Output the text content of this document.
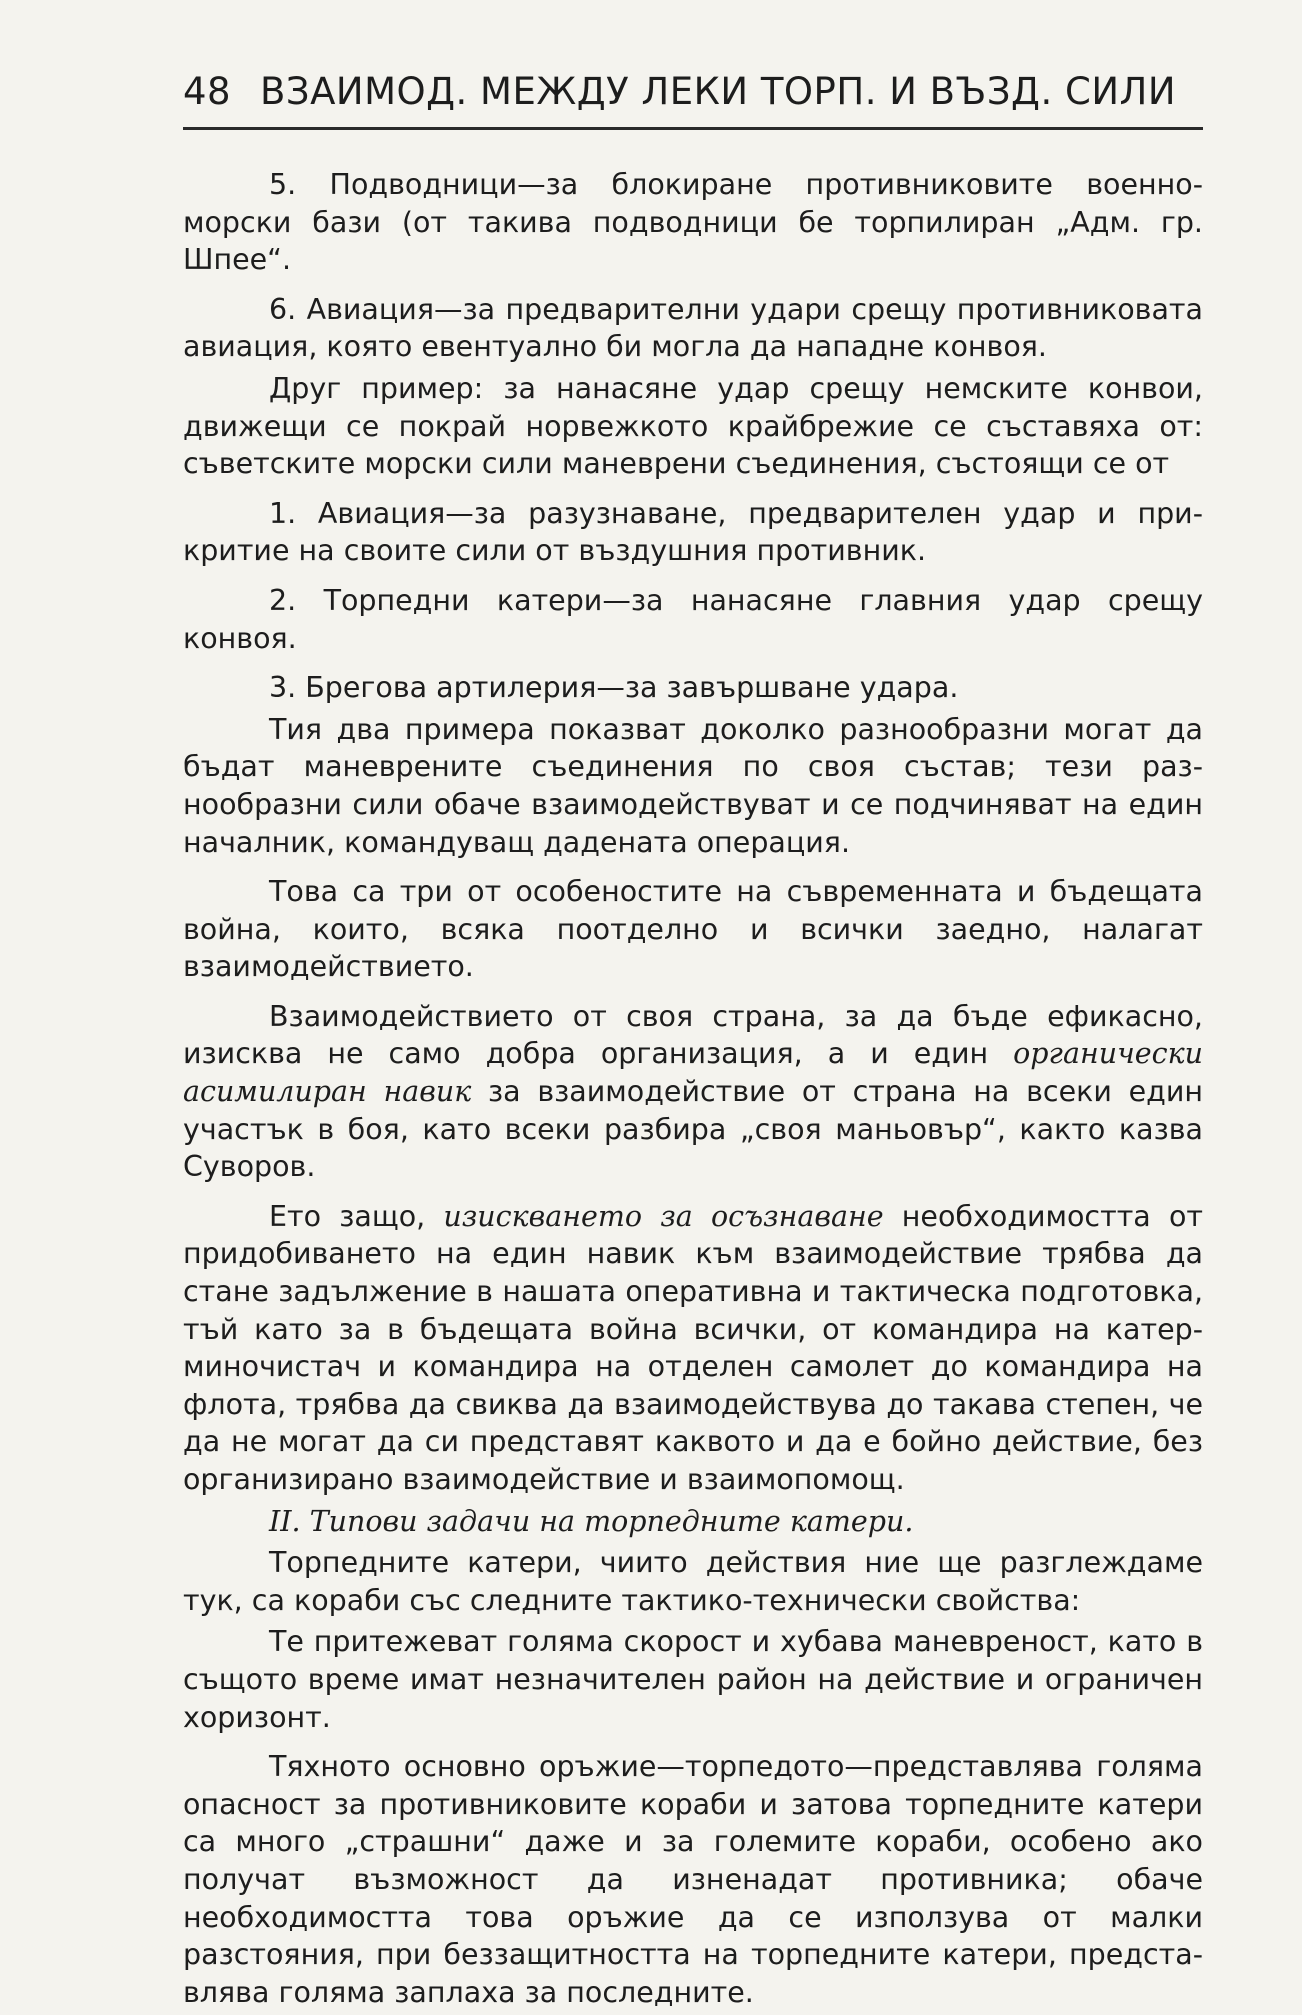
48 ВЗАИМОД. МЕЖДУ ЛЕКИ ТОРП. И ВЪЗД. СИЛИ

5. Подводници—за блокиране противниковите военноморски бази (от такива подводници бе торпилиран „Адм. гр. Шпее“.

6. Авиация—за предварителни удари срещу противниковата авиация, която евентуално би могла да нападне конвоя.

Друг пример: за нанасяне удар срещу немските конвои, движещи се покрай норвежкото крайбрежие се съставяха от: съветските морски сили маневрени съединения, състоящи се от

1. Авиация—за разузнаване, предварителен удар и прикритие на своите сили от въздушния противник.

2. Торпедни катери—за нанасяне главния удар срещу конвоя.

3. Брегова артилерия—за завършване удара.

Тия два примера показват доколко разнообразни могат да бъдат маневрените съединения по своя състав; тези разнообразни сили обаче взаимодействуват и се подчиняват на един началник, командуващ дадената операция.

Това са три от особеностите на съвременната и бъдещата война, които, всяка поотделно и всички заедно, налагат взаимодействието.

Взаимодействието от своя страна, за да бъде ефикасно, изисква не само добра организация, а и един органически асимилиран навик за взаимодействие от страна на всеки един участък в боя, като всеки разбира „своя маньовър“, както казва Суворов.

Ето защо, изискването за осъзнаване необходимостта от придобиването на един навик към взаимодействие трябва да стане задължение в нашата оперативна и тактическа подготовка, тъй като за в бъдещата война всички, от командира на катер-миночистач и командира на отделен самолет до командира на флота, трябва да свиква да взаимодействува до такава степен, че да не могат да си представят каквото и да е бойно действие, без организирано взаимодействие и взаимопомощ.

II. Типови задачи на торпедните катери.

Торпедните катери, чиито действия ние ще разглеждаме тук, са кораби със следните тактико-технически свойства:

Те притежеват голяма скорост и хубава маневреност, като в същото време имат незначителен район на действие и ограничен хоризонт.

Тяхното основно оръжие—торпедото—представлява голяма опасност за противниковите кораби и затова торпедните катери са много „страшни“ даже и за големите кораби, особено ако получат възможност да изненадат противника; обаче необходимостта това оръжие да се използува от малки разстояния, при беззащитността на торпедните катери, представлява голяма заплаха за последните.
